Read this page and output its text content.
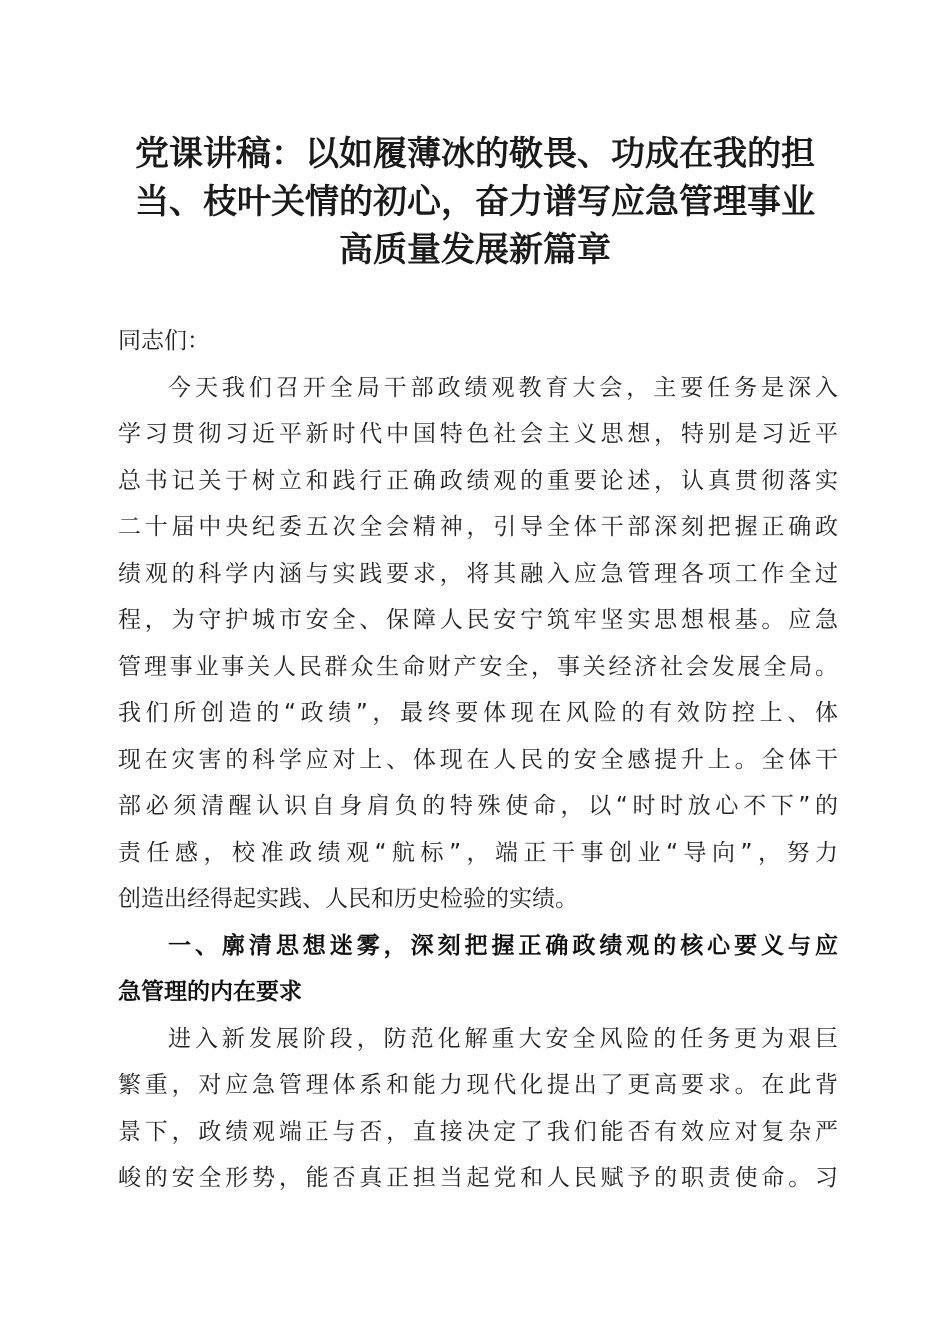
党课讲稿：以如履薄冰的敬畏、功成在我的担
当、枝叶关情的初心，奋力谱写应急管理事业
高质量发展新篇章
同志们：
今天我们召开全局干部政绩观教育大会，主要任务是深入
学习贯彻习近平新时代中国特色社会主义思想，特别是习近平
总书记关于树立和践行正确政绩观的重要论述，认真贯彻落实
二十届中央纪委五次全会精神，引导全体干部深刻把握正确政
绩观的科学内涵与实践要求，将其融入应急管理各项工作全过
程，为守护城市安全、保障人民安宁筑牢坚实思想根基。应急
管理事业事关人民群众生命财产安全，事关经济社会发展全局。
我们所创造的“政绩”，最终要体现在风险的有效防控上、体
现在灾害的科学应对上、体现在人民的安全感提升上。全体干
部必须清醒认识自身肩负的特殊使命，以“时时放心不下”的
责任感，校准政绩观“航标”，端正干事创业“导向”，努力
创造出经得起实践、人民和历史检验的实绩。
一、廓清思想迷雾，深刻把握正确政绩观的核心要义与应
急管理的内在要求
进入新发展阶段，防范化解重大安全风险的任务更为艰巨
繁重，对应急管理体系和能力现代化提出了更高要求。在此背
景下，政绩观端正与否，直接决定了我们能否有效应对复杂严
峻的安全形势，能否真正担当起党和人民赋予的职责使命。习
